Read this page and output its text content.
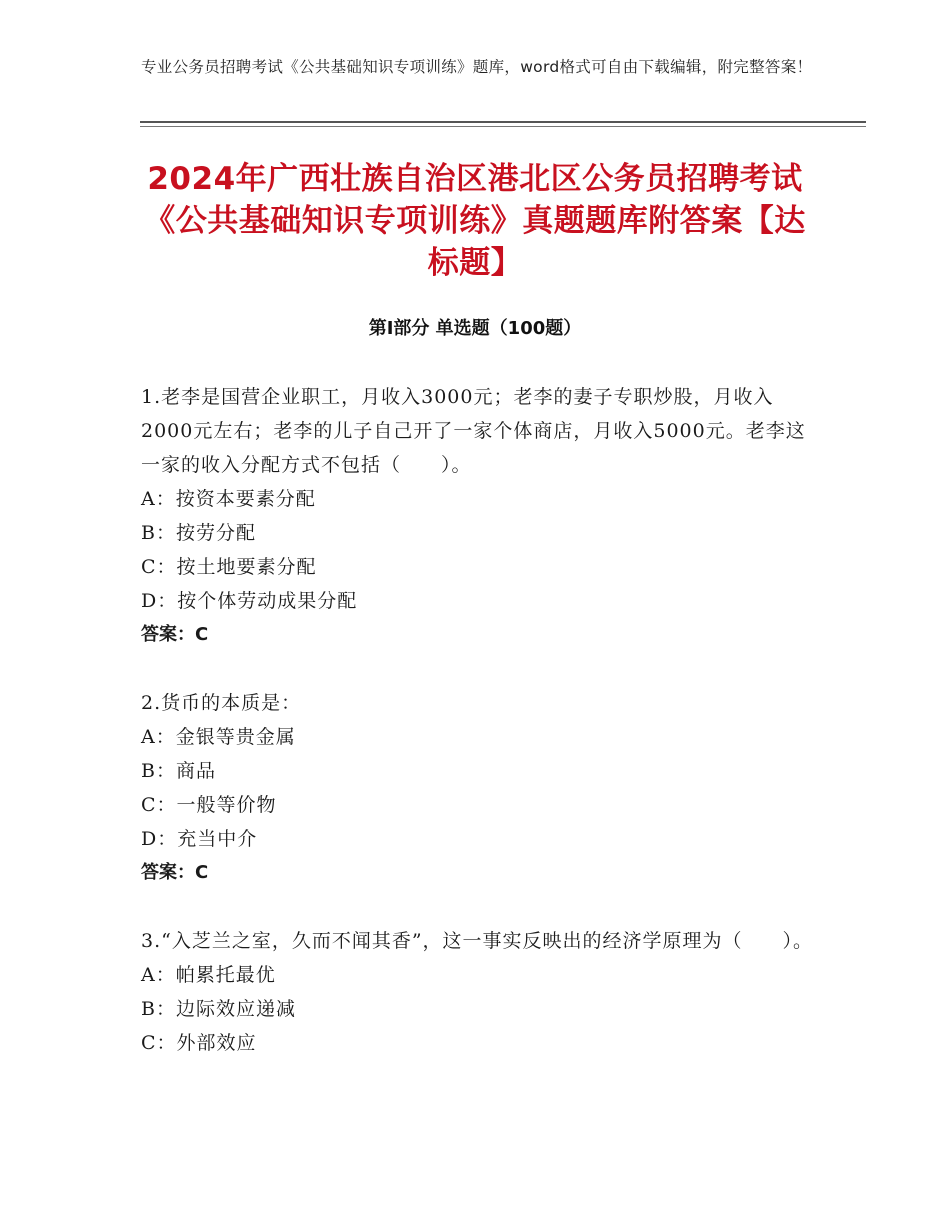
专业公务员招聘考试《公共基础知识专项训练》题库，word格式可自由下载编辑，附完整答案！
2024年广西壮族自治区港北区公务员招聘考试《公共基础知识专项训练》真题题库附答案【达标题】
第Ⅰ部分 单选题（100题）

1.老李是国营企业职工，月收入3000元；老李的妻子专职炒股，月收入2000元左右；老李的儿子自己开了一家个体商店，月收入5000元。老李这一家的收入分配方式不包括（　　）。

A：按资本要素分配

B：按劳分配

C：按土地要素分配

D：按个体劳动成果分配

答案：C

2.货币的本质是：

A：金银等贵金属

B：商品

C：一般等价物

D：充当中介

答案：C

3.“入芝兰之室，久而不闻其香”，这一事实反映出的经济学原理为（　　）。

A：帕累托最优

B：边际效应递减

C：外部效应
